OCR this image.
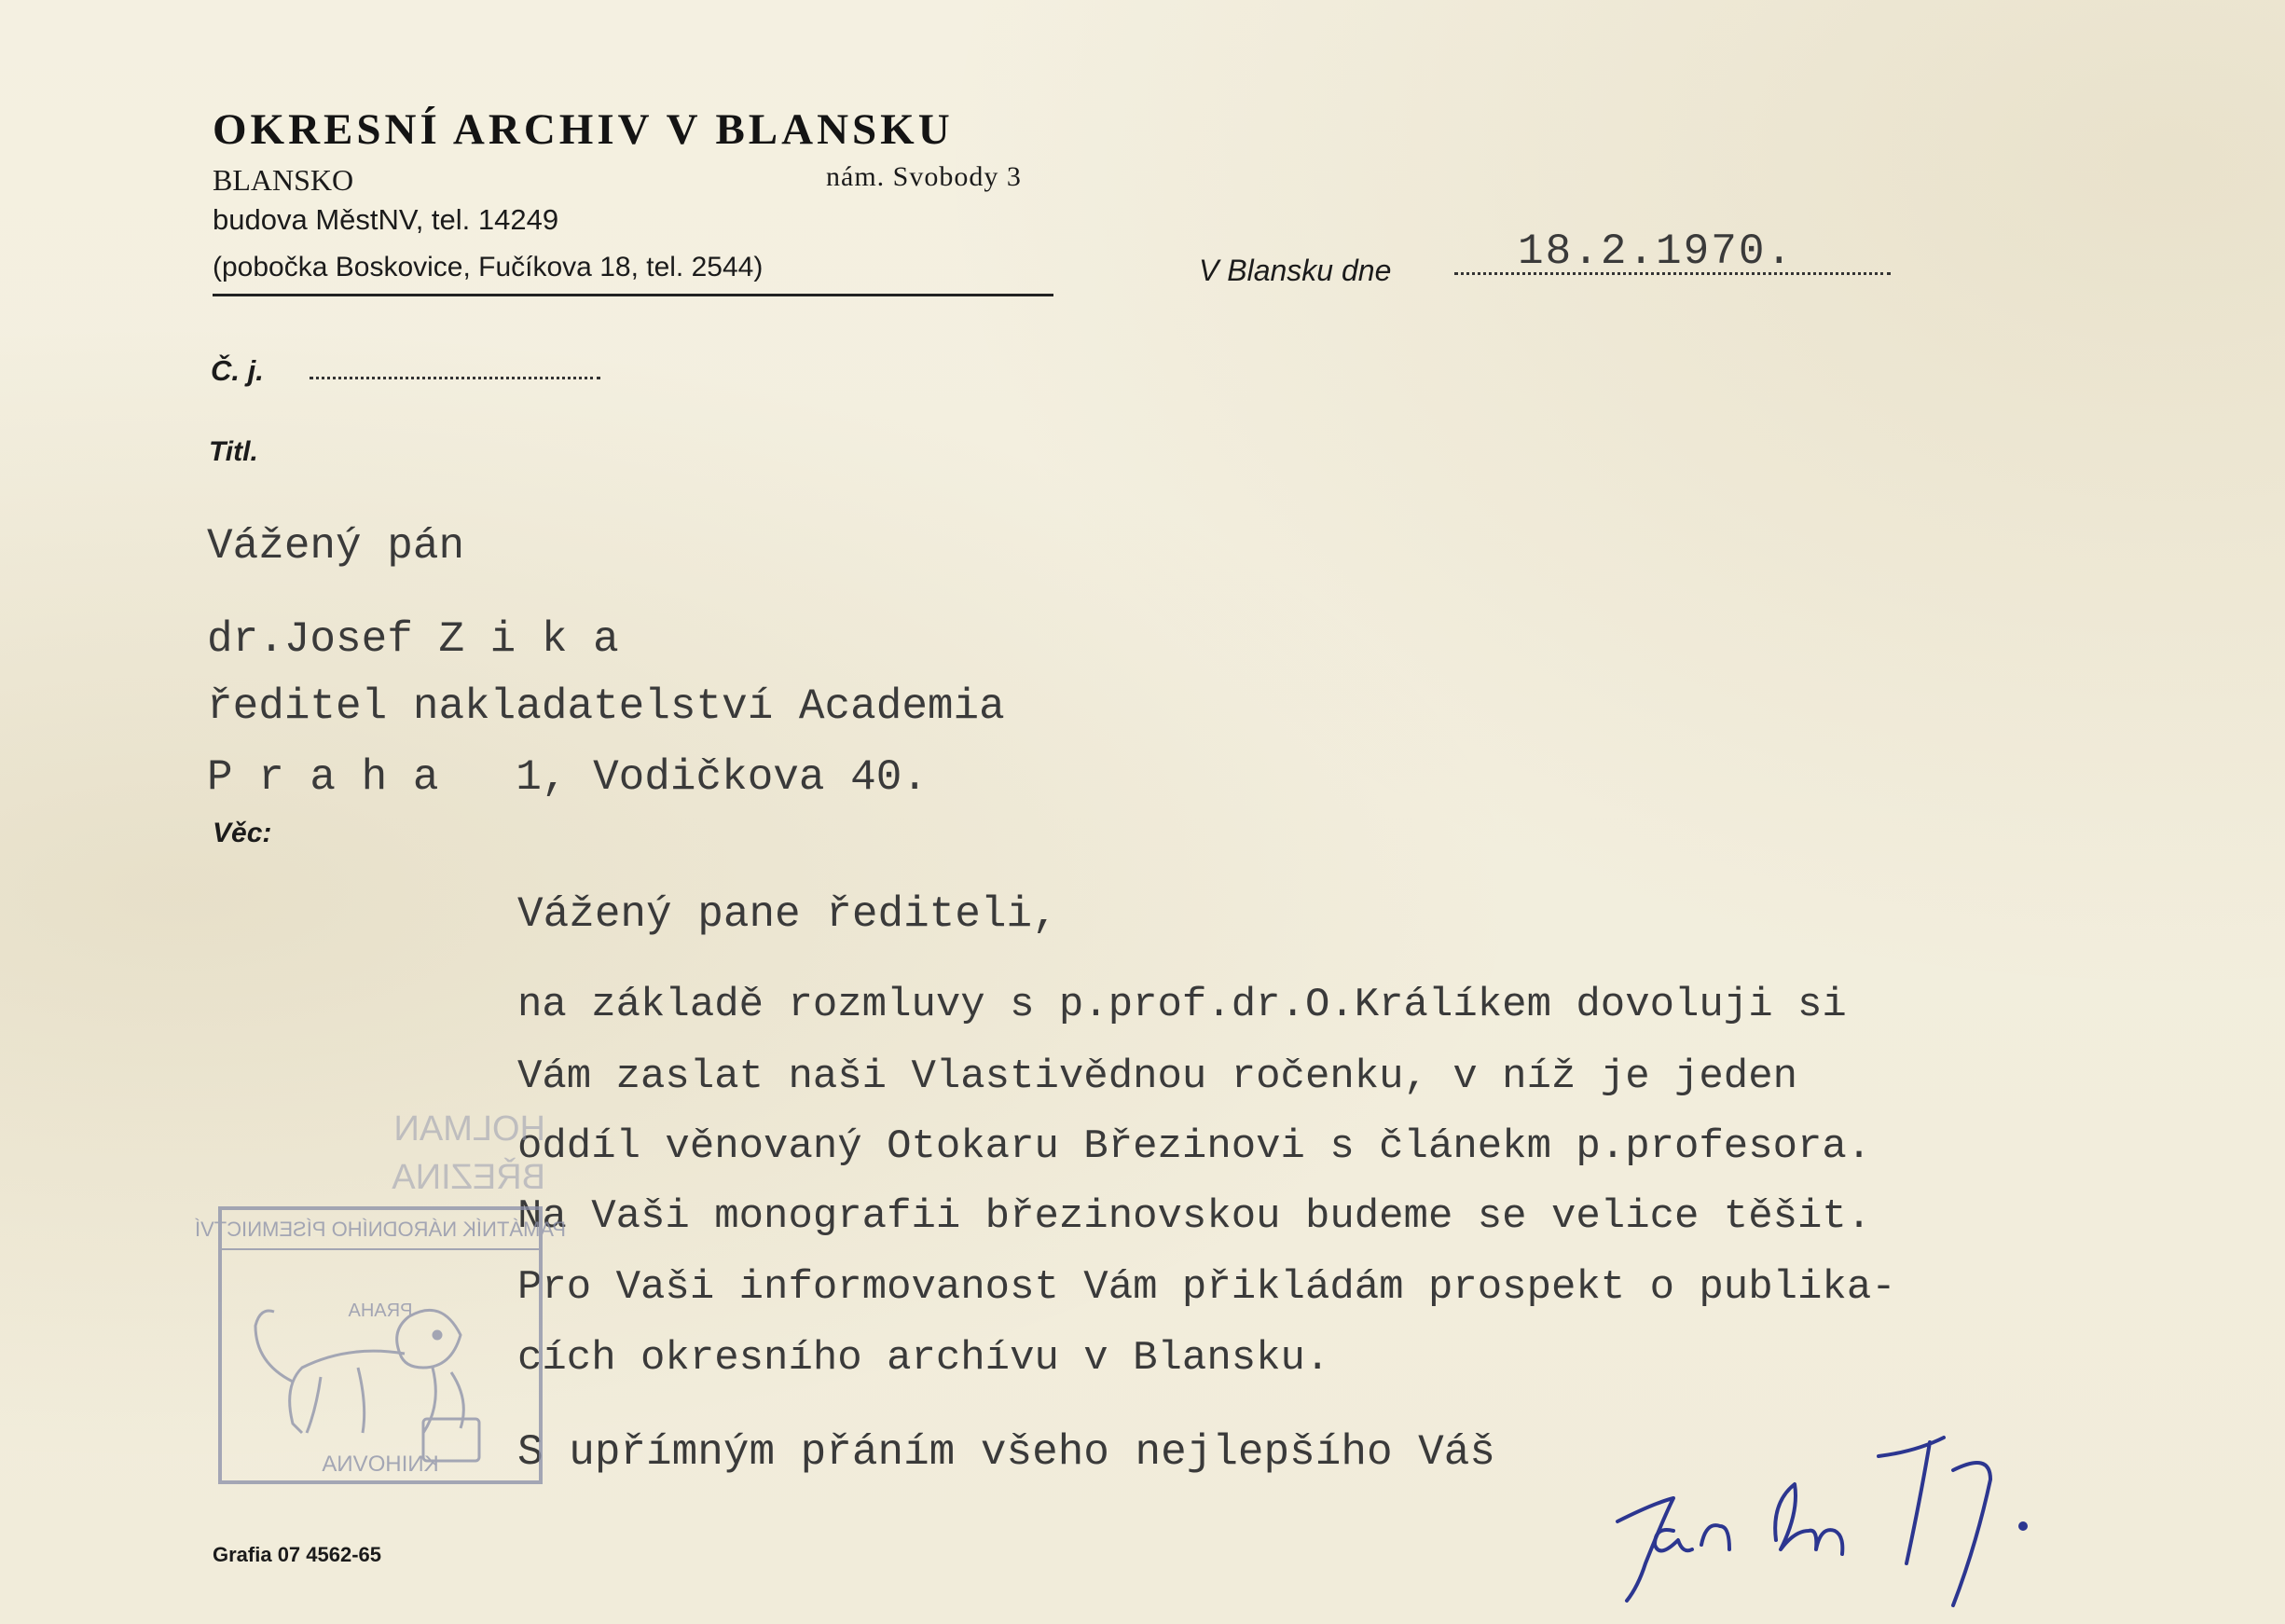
OKRESNÍ ARCHIV V BLANSKU
BLANSKO	nám. Svobody 3
budova MěstNV, tel. 14249
(pobočka Boskovice, Fučíkova 18, tel. 2544)	V Blansku dne	18.2.1970.
Č. j.
Titl.
Vážený pán
dr.Josef Z i k a
ředitel nakladatelství Academia
P r a h a   1, Vodičkova 40.
Věc:
Vážený pane řediteli,
na základě rozmluvy s p.prof.dr.O.Králíkem dovoluji si
Vám zaslat naši Vlastivědnou ročenku, v níž je jeden
oddíl věnovaný Otokaru Březinovi s článekm p.profesora.
Na Vaši monografii březinovskou budeme se velice těšit.
Pro Vaši informovanost Vám přikládám prospekt o publika-
cích okresního archívu v Blansku.
S upřímným přáním všeho nejlepšího Váš
HOLMAN
BŘEZINA
PAMÁTNÍK NÁRODNÍHO PÍSEMNICTVÍ
PRAHA
KNIHOVNA
Grafia 07 4562-65
